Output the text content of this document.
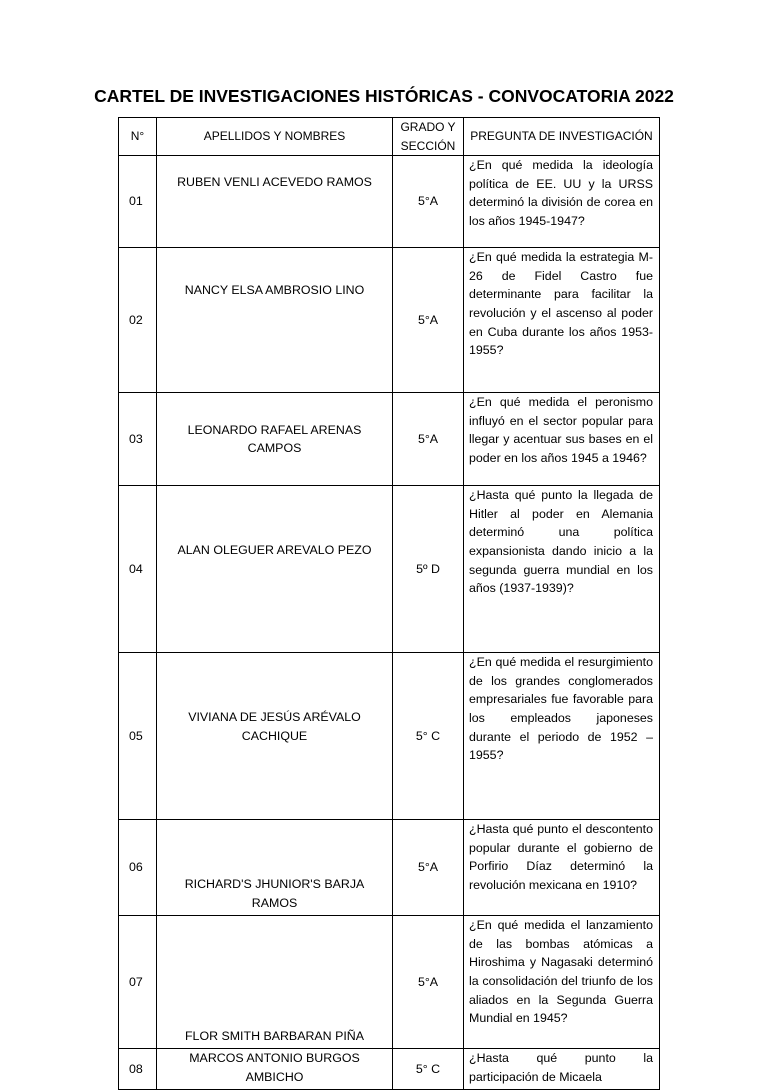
CARTEL DE INVESTIGACIONES HISTÓRICAS - CONVOCATORIA 2022
N°	APELLIDOS Y NOMBRES	GRADO Y SECCIÓN	PREGUNTA DE INVESTIGACIÓN
01	RUBEN VENLI ACEVEDO RAMOS	5°A	¿En qué medida la ideología política de EE. UU y la URSS determinó la división de corea en los años 1945-1947?
02	NANCY ELSA AMBROSIO LINO	5°A	¿En qué medida la estrategia M-26 de Fidel Castro fue determinante para facilitar la revolución y el ascenso al poder en Cuba durante los años 1953-1955?
03	LEONARDO RAFAEL ARENAS CAMPOS	5°A	¿En qué medida el peronismo influyó en el sector popular para llegar y acentuar sus bases en el poder en los años 1945 a 1946?
04	ALAN OLEGUER AREVALO PEZO	5º D	¿Hasta qué punto la llegada de Hitler al poder en Alemania determinó una política expansionista dando inicio a la segunda guerra mundial en los años (1937-1939)?
05	VIVIANA DE JESÚS ARÉVALO CACHIQUE	5° C	¿En qué medida el resurgimiento de los grandes conglomerados empresariales fue favorable para los empleados japoneses durante el periodo de 1952 – 1955?
06	RICHARD'S JHUNIOR'S BARJA RAMOS	5°A	¿Hasta qué punto el descontento popular durante el gobierno de Porfirio Díaz determinó la revolución mexicana en 1910?
07	FLOR SMITH BARBARAN PIÑA	5°A	¿En qué medida el lanzamiento de las bombas atómicas a Hiroshima y Nagasaki determinó la consolidación del triunfo de los aliados en la Segunda Guerra Mundial en 1945?
08	MARCOS ANTONIO BURGOS AMBICHO	5° C	¿Hasta qué punto la participación de Micaela
